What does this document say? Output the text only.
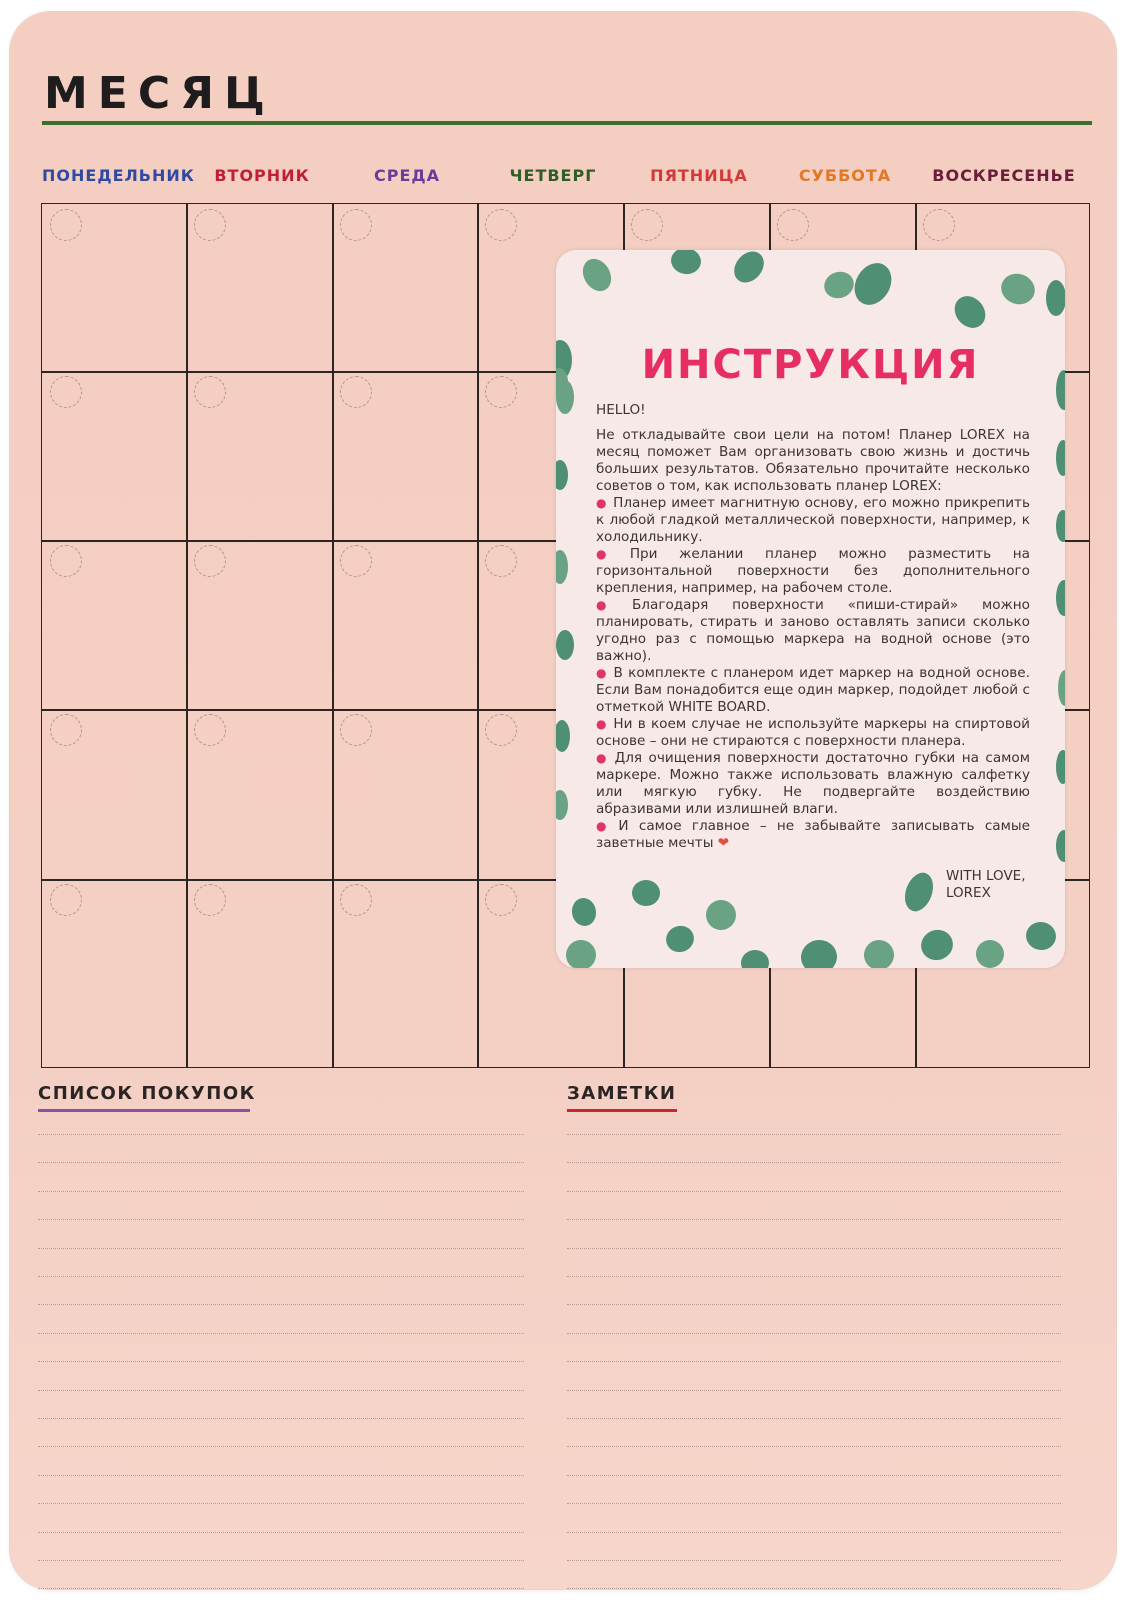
МЕСЯЦ
ПОНЕДЕЛЬНИК	ВТОРНИК	СРЕДА	ЧЕТВЕРГ	ПЯТНИЦА	СУББОТА	ВОСКРЕСЕНЬЕ
ИНСТРУКЦИЯ

HELLO!

Не откладывайте свои цели на потом! Планер LOREX на месяц поможет Вам организовать свою жизнь и достичь больших результатов. Обязательно прочитайте несколько советов о том, как использовать планер LOREX:

● Планер имеет магнитную основу, его можно прикрепить к любой гладкой металлической поверхности, например, к холодильнику.

● При желании планер можно разместить на горизонтальной поверхности без дополнительного крепления, например, на рабочем столе.

● Благодаря поверхности «пиши-стирай» можно планировать, стирать и заново оставлять записи сколько угодно раз с помощью маркера на водной основе (это важно).

● В комплекте с планером идет маркер на водной основе. Если Вам понадобится еще один маркер, подойдет любой с отметкой WHITE BOARD.

● Ни в коем случае не используйте маркеры на спиртовой основе – они не стираются с поверхности планера.

● Для очищения поверхности достаточно губки на самом маркере. Можно также использовать влажную салфетку или мягкую губку. Не подвергайте воздействию абразивами или излишней влаги.

● И самое главное – не забывайте записывать самые заветные мечты ❤

WITH LOVE,
LOREX
СПИСОК ПОКУПОК	ЗАМЕТКИ
